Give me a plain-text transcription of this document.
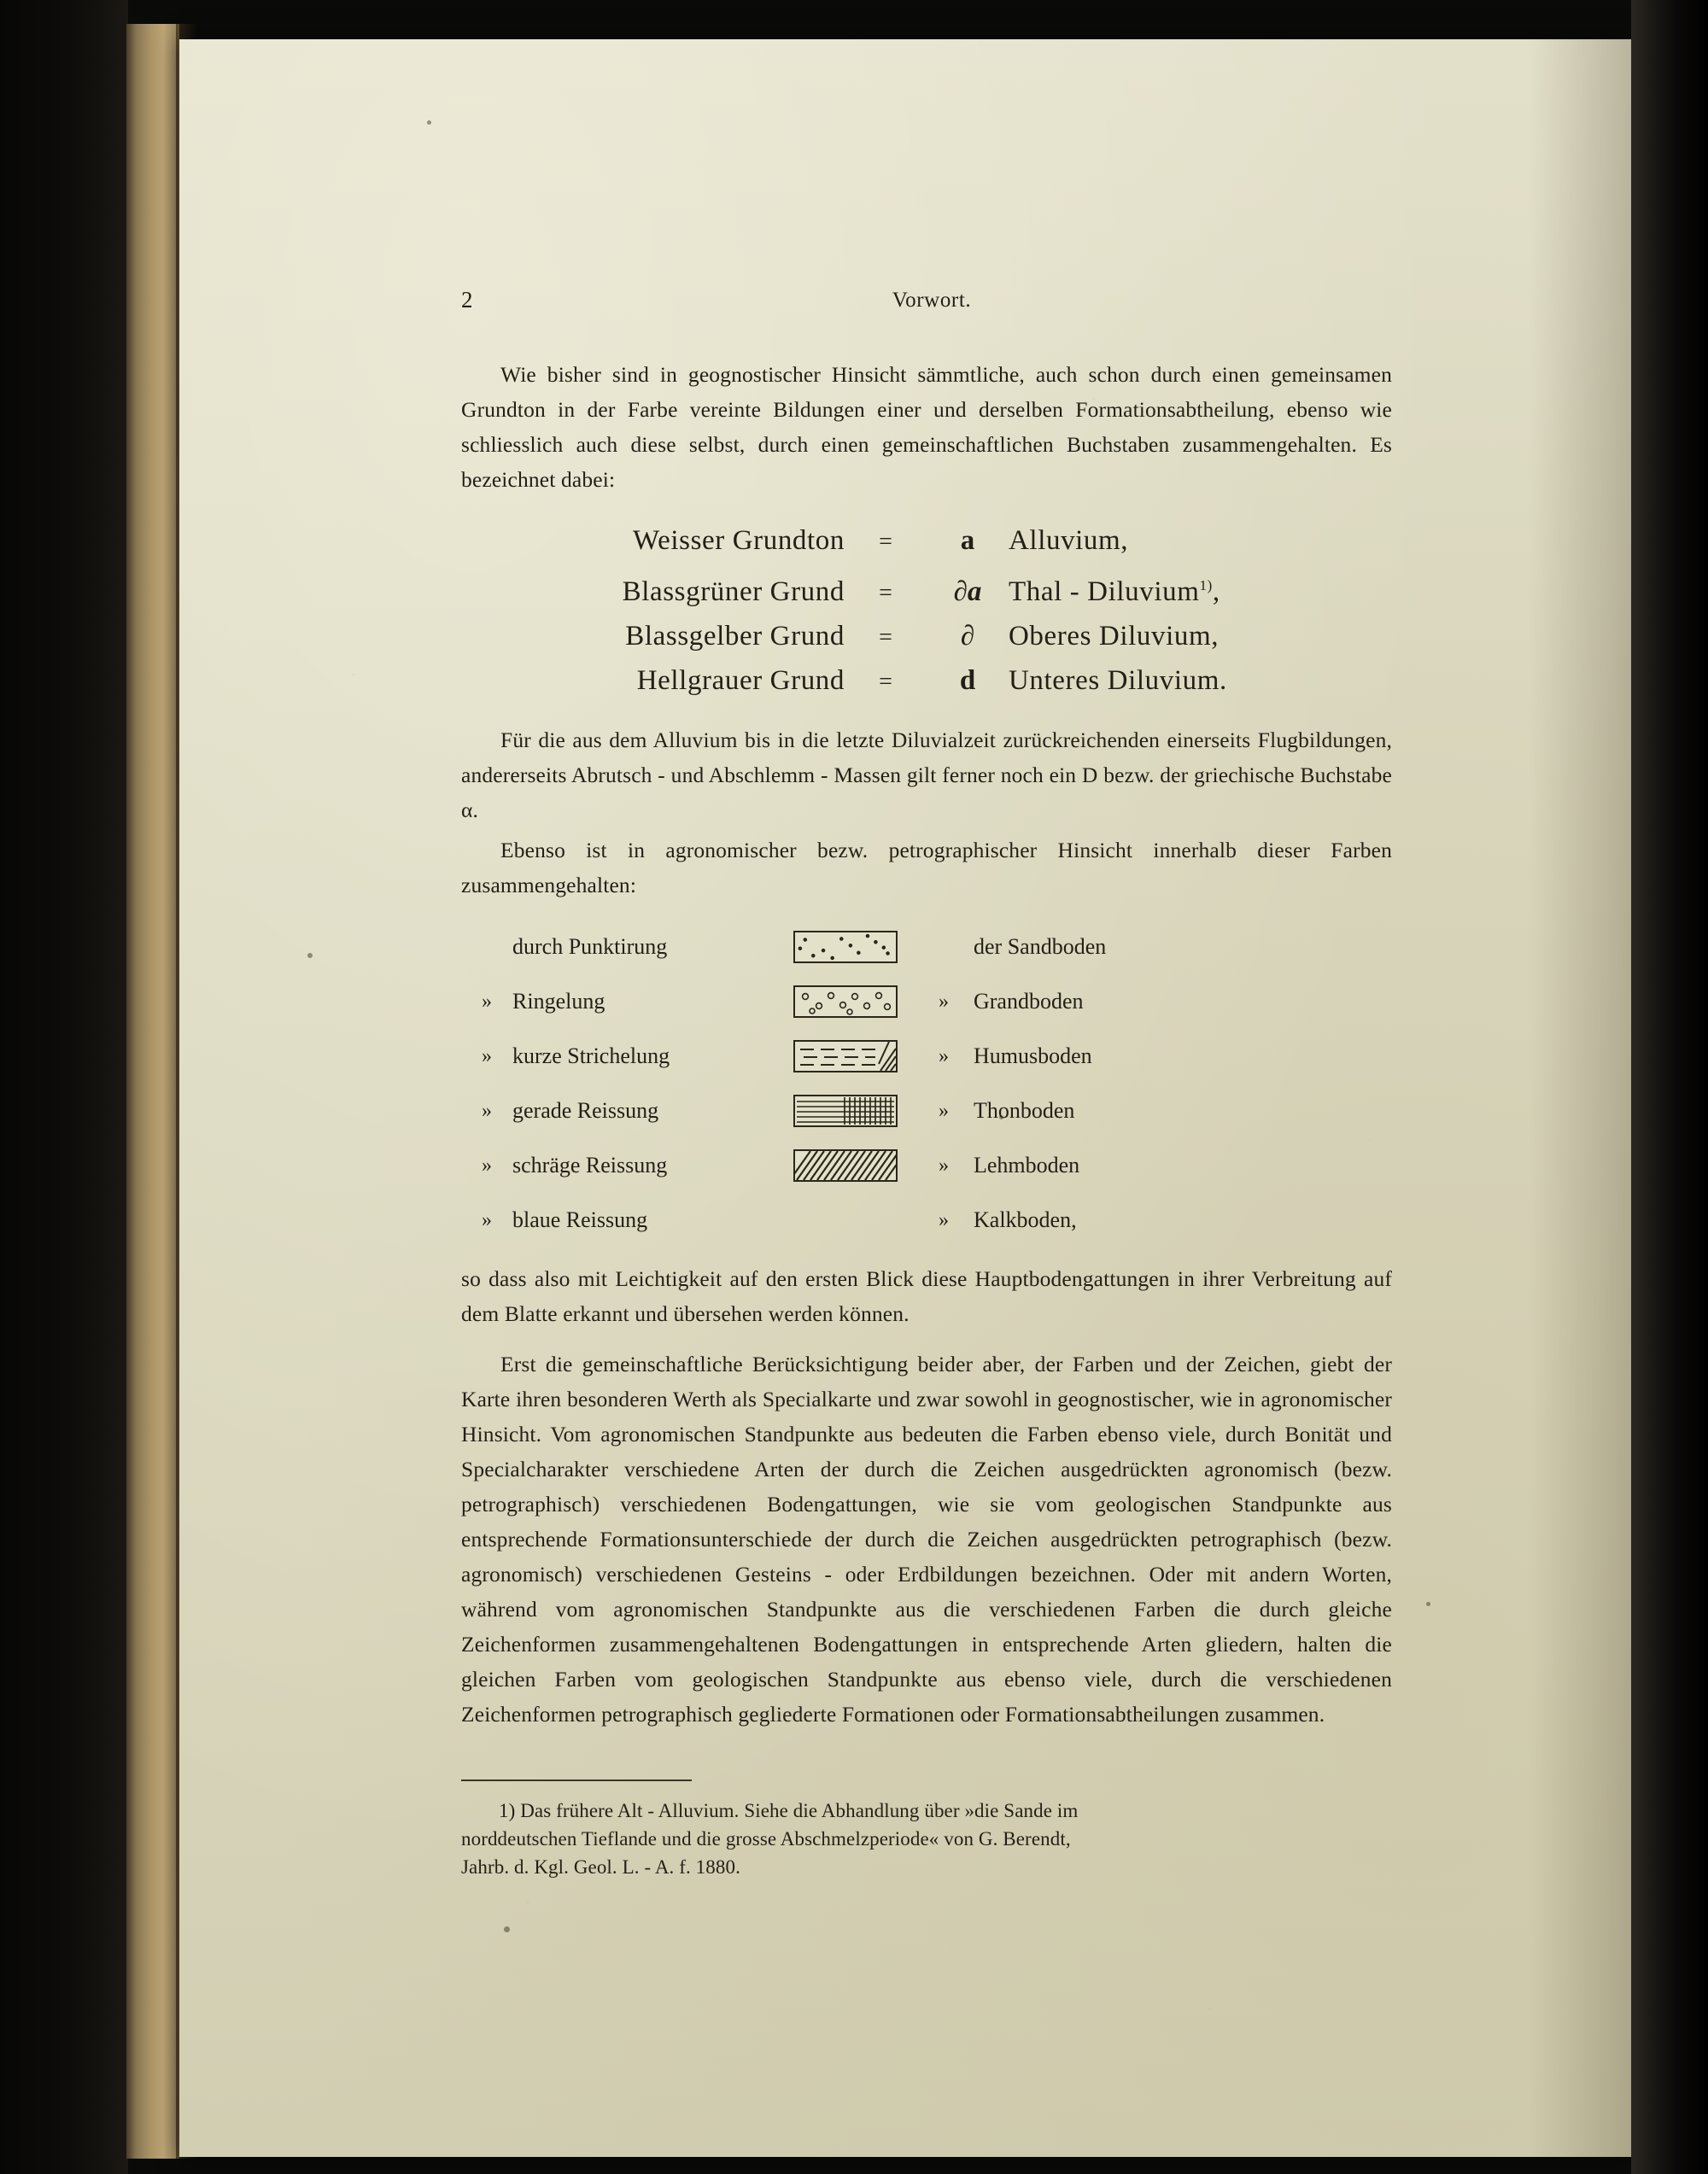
2	Vorwort.

Wie bisher sind in geognostischer Hinsicht sämmtliche, auch schon durch einen gemeinsamen Grundton in der Farbe vereinte Bildungen einer und derselben Formationsabtheilung, ebenso wie schliesslich auch diese selbst, durch einen gemeinschaftlichen Buchstaben zusammengehalten. Es bezeichnet dabei:

Weisser Grundton	=	a	Alluvium,
Blassgrüner Grund	=	∂a Thal - Diluvium$^{1)}$,
Blassgelber Grund	=	∂	Oberes Diluvium,
Hellgrauer Grund	=	d	Unteres Diluvium.

Für die aus dem Alluvium bis in die letzte Diluvialzeit zurückreichenden einerseits Flugbildungen, andererseits Abrutsch - und Abschlemm - Massen gilt ferner noch ein D bezw. der griechische Buchstabe α.

Ebenso ist in agronomischer bezw. petrographischer Hinsicht innerhalb dieser Farben zusammengehalten:

durch Punktirung	der Sandboden
» Ringelung	»	Grandboden
» kurze Strichelung	»	Humusboden
» gerade Reissung	»	Thonboden
» schräge Reissung	»	Lehmboden
» blaue Reissung	»	Kalkboden,

so dass also mit Leichtigkeit auf den ersten Blick diese Hauptbodengattungen in ihrer Verbreitung auf dem Blatte erkannt und übersehen werden können.

Erst die gemeinschaftliche Berücksichtigung beider aber, der Farben und der Zeichen, giebt der Karte ihren besonderen Werth als Specialkarte und zwar sowohl in geognostischer, wie in agronomischer Hinsicht. Vom agronomischen Standpunkte aus bedeuten die Farben ebenso viele, durch Bonität und Specialcharakter verschiedene Arten der durch die Zeichen ausgedrückten agronomisch (bezw. petrographisch) verschiedenen Bodengattungen, wie sie vom geologischen Standpunkte aus entsprechende Formationsunterschiede der durch die Zeichen ausgedrückten petrographisch (bezw. agronomisch) verschiedenen Gesteins - oder Erdbildungen bezeichnen. Oder mit andern Worten, während vom agronomischen Standpunkte aus die verschiedenen Farben die durch gleiche Zeichenformen zusammengehaltenen Bodengattungen in entsprechende Arten gliedern, halten die gleichen Farben vom geologischen Standpunkte aus ebenso viele, durch die verschiedenen Zeichenformen petrographisch gegliederte Formationen oder Formationsabtheilungen zusammen.

1) Das frühere Alt - Alluvium. Siehe die Abhandlung über »die Sande im

norddeutschen Tieflande und die grosse Abschmelzperiode« von G. Berendt,

Jahrb. d. Kgl. Geol. L. - A. f. 1880.
